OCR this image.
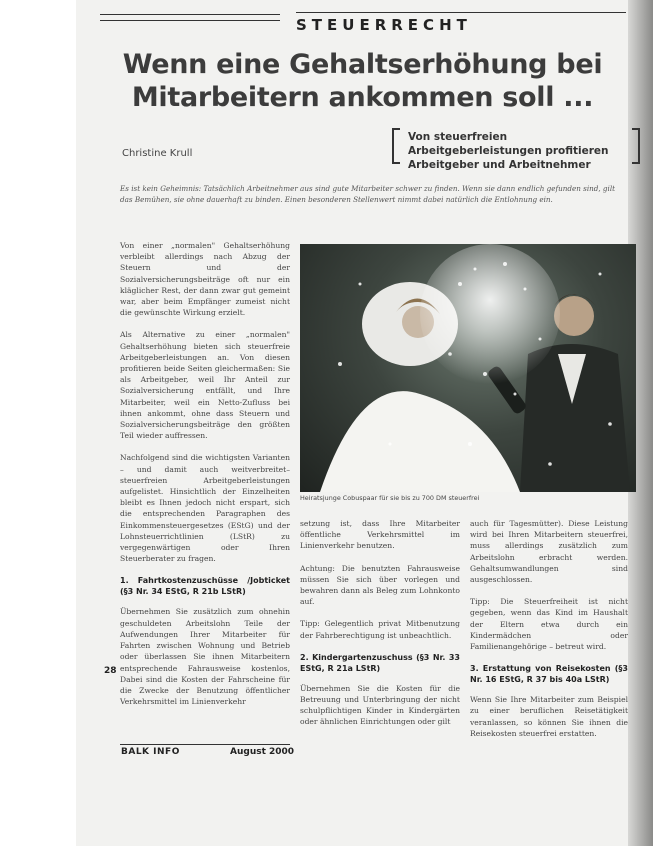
STEUERRECHT
Wenn eine Gehaltserhöhung bei Mitarbeitern ankommen soll ...
Christine Krull
Von steuerfreien Arbeitgeberleistungen profitieren Arbeitgeber und Arbeitnehmer
Es ist kein Geheimnis: Tatsächlich Arbeitnehmer aus sind gute Mitarbeiter schwer zu finden. Wenn sie dann endlich gefunden sind, gilt das Bemühen, sie ohne dauerhaft zu binden. Einen besonderen Stellenwert nimmt dabei natürlich die Entlohnung ein.

Von einer „normalen" Gehaltserhöhung verbleibt allerdings nach Abzug der Steuern und der Sozialversicherungsbeiträge oft nur ein kläglicher Rest, der dann zwar gut gemeint war, aber beim Empfänger zumeist nicht die gewünschte Wirkung erzielt.

Als Alternative zu einer „normalen" Gehaltserhöhung bieten sich steuerfreie Arbeitgeberleistungen an. Von diesen profitieren beide Seiten gleichermaßen: Sie als Arbeitgeber, weil Ihr Anteil zur Sozialversicherung entfällt, und Ihre Mitarbeiter, weil ein Netto-Zufluss bei ihnen ankommt, ohne dass Steuern und Sozialversicherungsbeiträge den größten Teil wieder auffressen.

Nachfolgend sind die wichtigsten Varianten – und damit auch weitverbreitet–steuerfreien Arbeitgeberleistungen aufgelistet. Hinsichtlich der Einzelheiten bleibt es Ihnen jedoch nicht erspart, sich die entsprechenden Paragraphen des Einkommensteuergesetzes (EStG) und der Lohnsteuerrichtlinien (LStR) zu vergegenwärtigen oder Ihren Steuerberater zu fragen.

1. Fahrtkostenzuschüsse /Jobticket (§3 Nr. 34 EStG, R 21b LStR)

Übernehmen Sie zusätzlich zum ohnehin geschuldeten Arbeitslohn Teile der Aufwendungen Ihrer Mitarbeiter für Fahrten zwischen Wohnung und Betrieb oder überlassen Sie ihnen Mitarbeitern entsprechende Fahrausweise kostenlos, Dabei sind die Kosten der Fahrscheine für die Zwecke der Benutzung öffentlicher Verkehrsmittel im Linienverkehr

Heiratsjunge Cobuspaar für sie bis zu 700 DM steuerfrei

setzung ist, dass Ihre Mitarbeiter öffentliche Verkehrsmittel im Linienverkehr benutzen.

Achtung: Die benutzten Fahrausweise müssen Sie sich über vorlegen und bewahren dann als Beleg zum Lohnkonto auf.

Tipp: Gelegentlich privat Mitbenutzung der Fahrberechtigung ist unbeachtlich.

2. Kindergartenzuschuss (§3 Nr. 33 EStG, R 21a LStR)

Übernehmen Sie die Kosten für die Betreuung und Unterbringung der nicht schulpflichtigen Kinder in Kindergärten oder ähnlichen Einrichtungen oder gilt

auch für Tagesmütter). Diese Leistung wird bei Ihren Mitarbeitern steuerfrei, muss allerdings zusätzlich zum Arbeitslohn erbracht werden. Gehaltsumwandlungen sind ausgeschlossen.

Tipp: Die Steuerfreiheit ist nicht gegeben, wenn das Kind im Haushalt der Eltern etwa durch ein Kindermädchen oder Familienangehörige – betreut wird.

3. Erstattung von Reisekosten (§3 Nr. 16 EStG, R 37 bis 40a LStR)

Wenn Sie Ihre Mitarbeiter zum Beispiel zu einer beruflichen Reisetätigkeit veranlassen, so können Sie ihnen die Reisekosten steuerfrei erstatten.

28
BALK INFO	August 2000
